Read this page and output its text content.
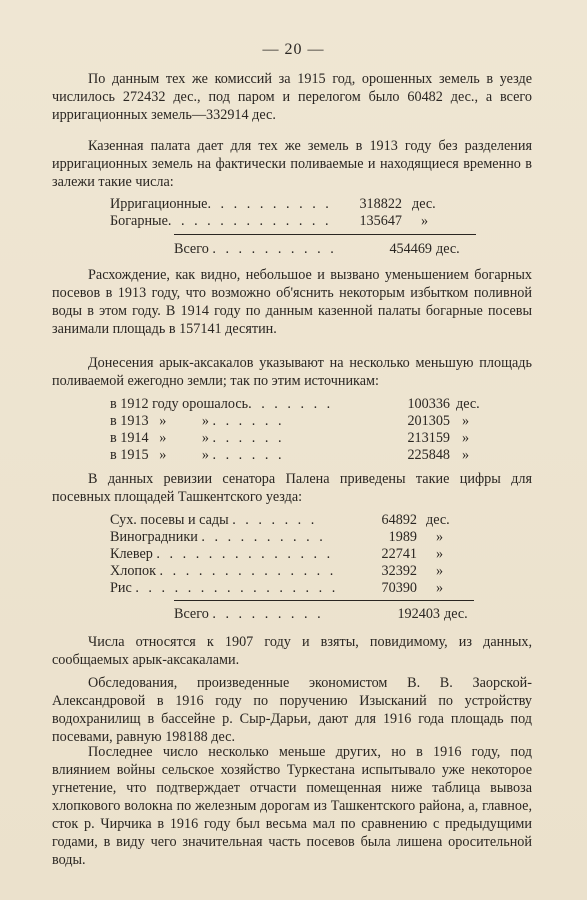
— 20 —

По данным тех же комиссий за 1915 год, орошенных земель в уезде числилось 272432 дес., под паром и перелогом было 60482 дес., а всего ирригационных земель—332914 дес.

Казенная палата дает для тех же земель в 1913 году без разделения ирригационных земель на фактически поливаемые и находящиеся временно в залежи такие числа:

Ирригационные. . . . . . . . . . 318822 дес.
Богарные. . . . . . . . . . . . . 135647 »
Всего . . . . . . . . . .	454469 дес.

Расхождение, как видно, небольшое и вызвано уменьшением богарных посевов в 1913 году, что возможно об'яснить некоторым избытком поливной воды в этом году. В 1914 году по данным казенной палаты богарные посевы занимали площадь в 157141 десятин.

Донесения арык-аксакалов указывают на несколько меньшую площадь поливаемой ежегодно земли; так по этим источникам:

в 1912 году орошалось. . . . . . .	100336 дес.
в 1913   »          » . . . . . .	201305 »
в 1914   »          » . . . . . .	213159 »
в 1915   »          » . . . . . .	225848 »

В данных ревизии сенатора Палена приведены такие цифры для посевных площадей Ташкентского уезда:

Сух. посевы и сады . . . . . . .	64892 дес.
Виноградники . . . . . . . . . .	1989 »
Клевер . . . . . . . . . . . . . .	22741 »
Хлопок . . . . . . . . . . . . . .	32392 »
Рис . . . . . . . . . . . . . . . .	70390 »
Всего . . . . . . . . .	192403 дес.

Числа относятся к 1907 году и взяты, повидимому, из данных, сообщаемых арык-аксакалами.

Обследования, произведенные экономистом В. В. Заорской-Александровой в 1916 году по поручению Изысканий по устройству водохранилищ в бассейне р. Сыр-Дарьи, дают для 1916 года площадь под посевами, равную 198188 дес.

Последнее число несколько меньше других, но в 1916 году, под влиянием войны сельское хозяйство Туркестана испытывало уже некоторое угнетение, что подтверждает отчасти помещенная ниже таблица вывоза хлопкового волокна по железным дорогам из Ташкентского района, а, главное, сток р. Чирчика в 1916 году был весьма мал по сравнению с предыдущими годами, в виду чего значительная часть посевов была лишена оросительной воды.
